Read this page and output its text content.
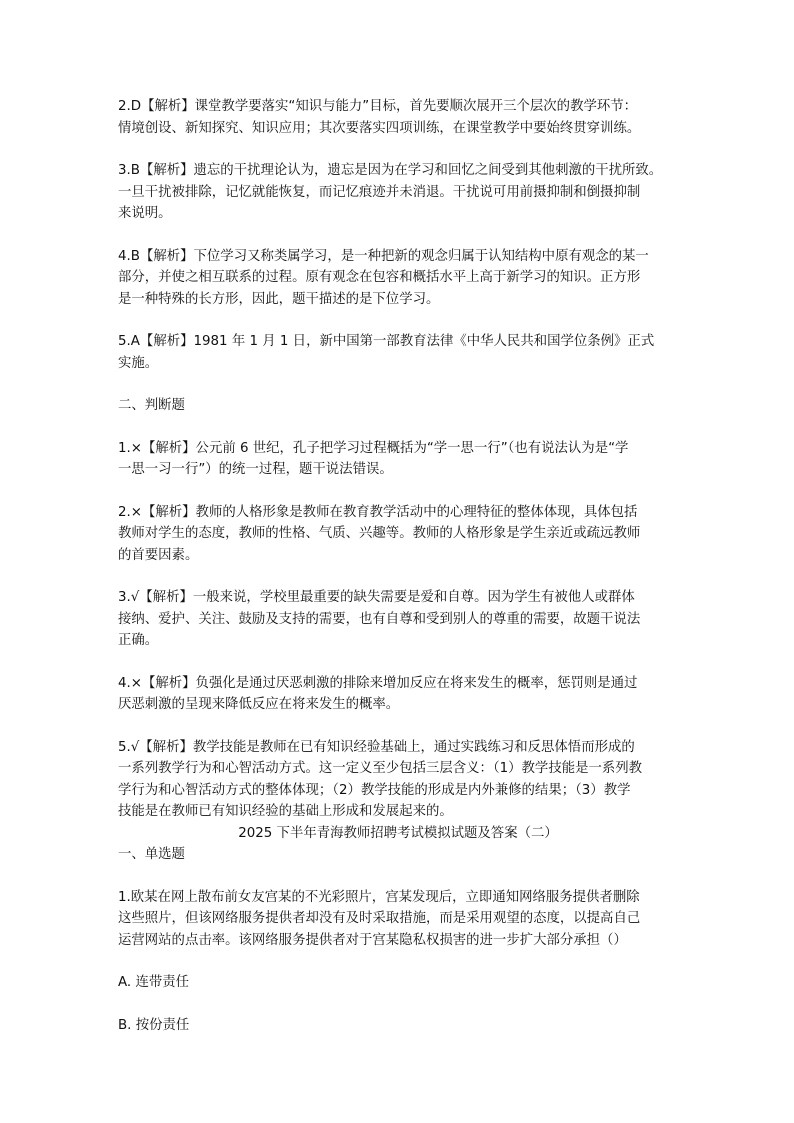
2.D【解析】课堂教学要落实“知识与能力”目标，首先要顺次展开三个层次的教学环节：
情境创设、新知探究、知识应用；其次要落实四项训练，在课堂教学中要始终贯穿训练。
3.B【解析】遗忘的干扰理论认为，遗忘是因为在学习和回忆之间受到其他刺激的干扰所致。
一旦干扰被排除，记忆就能恢复，而记忆痕迹并未消退。干扰说可用前摄抑制和倒摄抑制
来说明。
4.B【解析】下位学习又称类属学习，是一种把新的观念归属于认知结构中原有观念的某一
部分，并使之相互联系的过程。原有观念在包容和概括水平上高于新学习的知识。正方形
是一种特殊的长方形，因此，题干描述的是下位学习。
5.A【解析】1981 年 1 月 1 日，新中国第一部教育法律《中华人民共和国学位条例》正式
实施。
二、判断题
1.×【解析】公元前 6 世纪，孔子把学习过程概括为“学一思一行”（也有说法认为是“学
一思一习一行”）的统一过程，题干说法错误。
2.×【解析】教师的人格形象是教师在教育教学活动中的心理特征的整体体现，具体包括
教师对学生的态度，教师的性格、气质、兴趣等。教师的人格形象是学生亲近或疏远教师
的首要因素。
3.√【解析】一般来说，学校里最重要的缺失需要是爱和自尊。因为学生有被他人或群体
接纳、爱护、关注、鼓励及支持的需要，也有自尊和受到别人的尊重的需要，故题干说法
正确。
4.×【解析】负强化是通过厌恶刺激的排除来增加反应在将来发生的概率，惩罚则是通过
厌恶刺激的呈现来降低反应在将来发生的概率。
5.√【解析】教学技能是教师在已有知识经验基础上，通过实践练习和反思体悟而形成的
一系列教学行为和心智活动方式。这一定义至少包括三层含义：（1）教学技能是一系列教
学行为和心智活动方式的整体体现；（2）教学技能的形成是内外兼修的结果；（3）教学
技能是在教师已有知识经验的基础上形成和发展起来的。
2025 下半年青海教师招聘考试模拟试题及答案（二）
一、单选题
1.欧某在网上散布前女友宫某的不光彩照片，宫某发现后，立即通知网络服务提供者删除
这些照片，但该网络服务提供者却没有及时采取措施，而是采用观望的态度，以提高自己
运营网站的点击率。该网络服务提供者对于宫某隐私权损害的进一步扩大部分承担（）
A. 连带责任
B. 按份责任
